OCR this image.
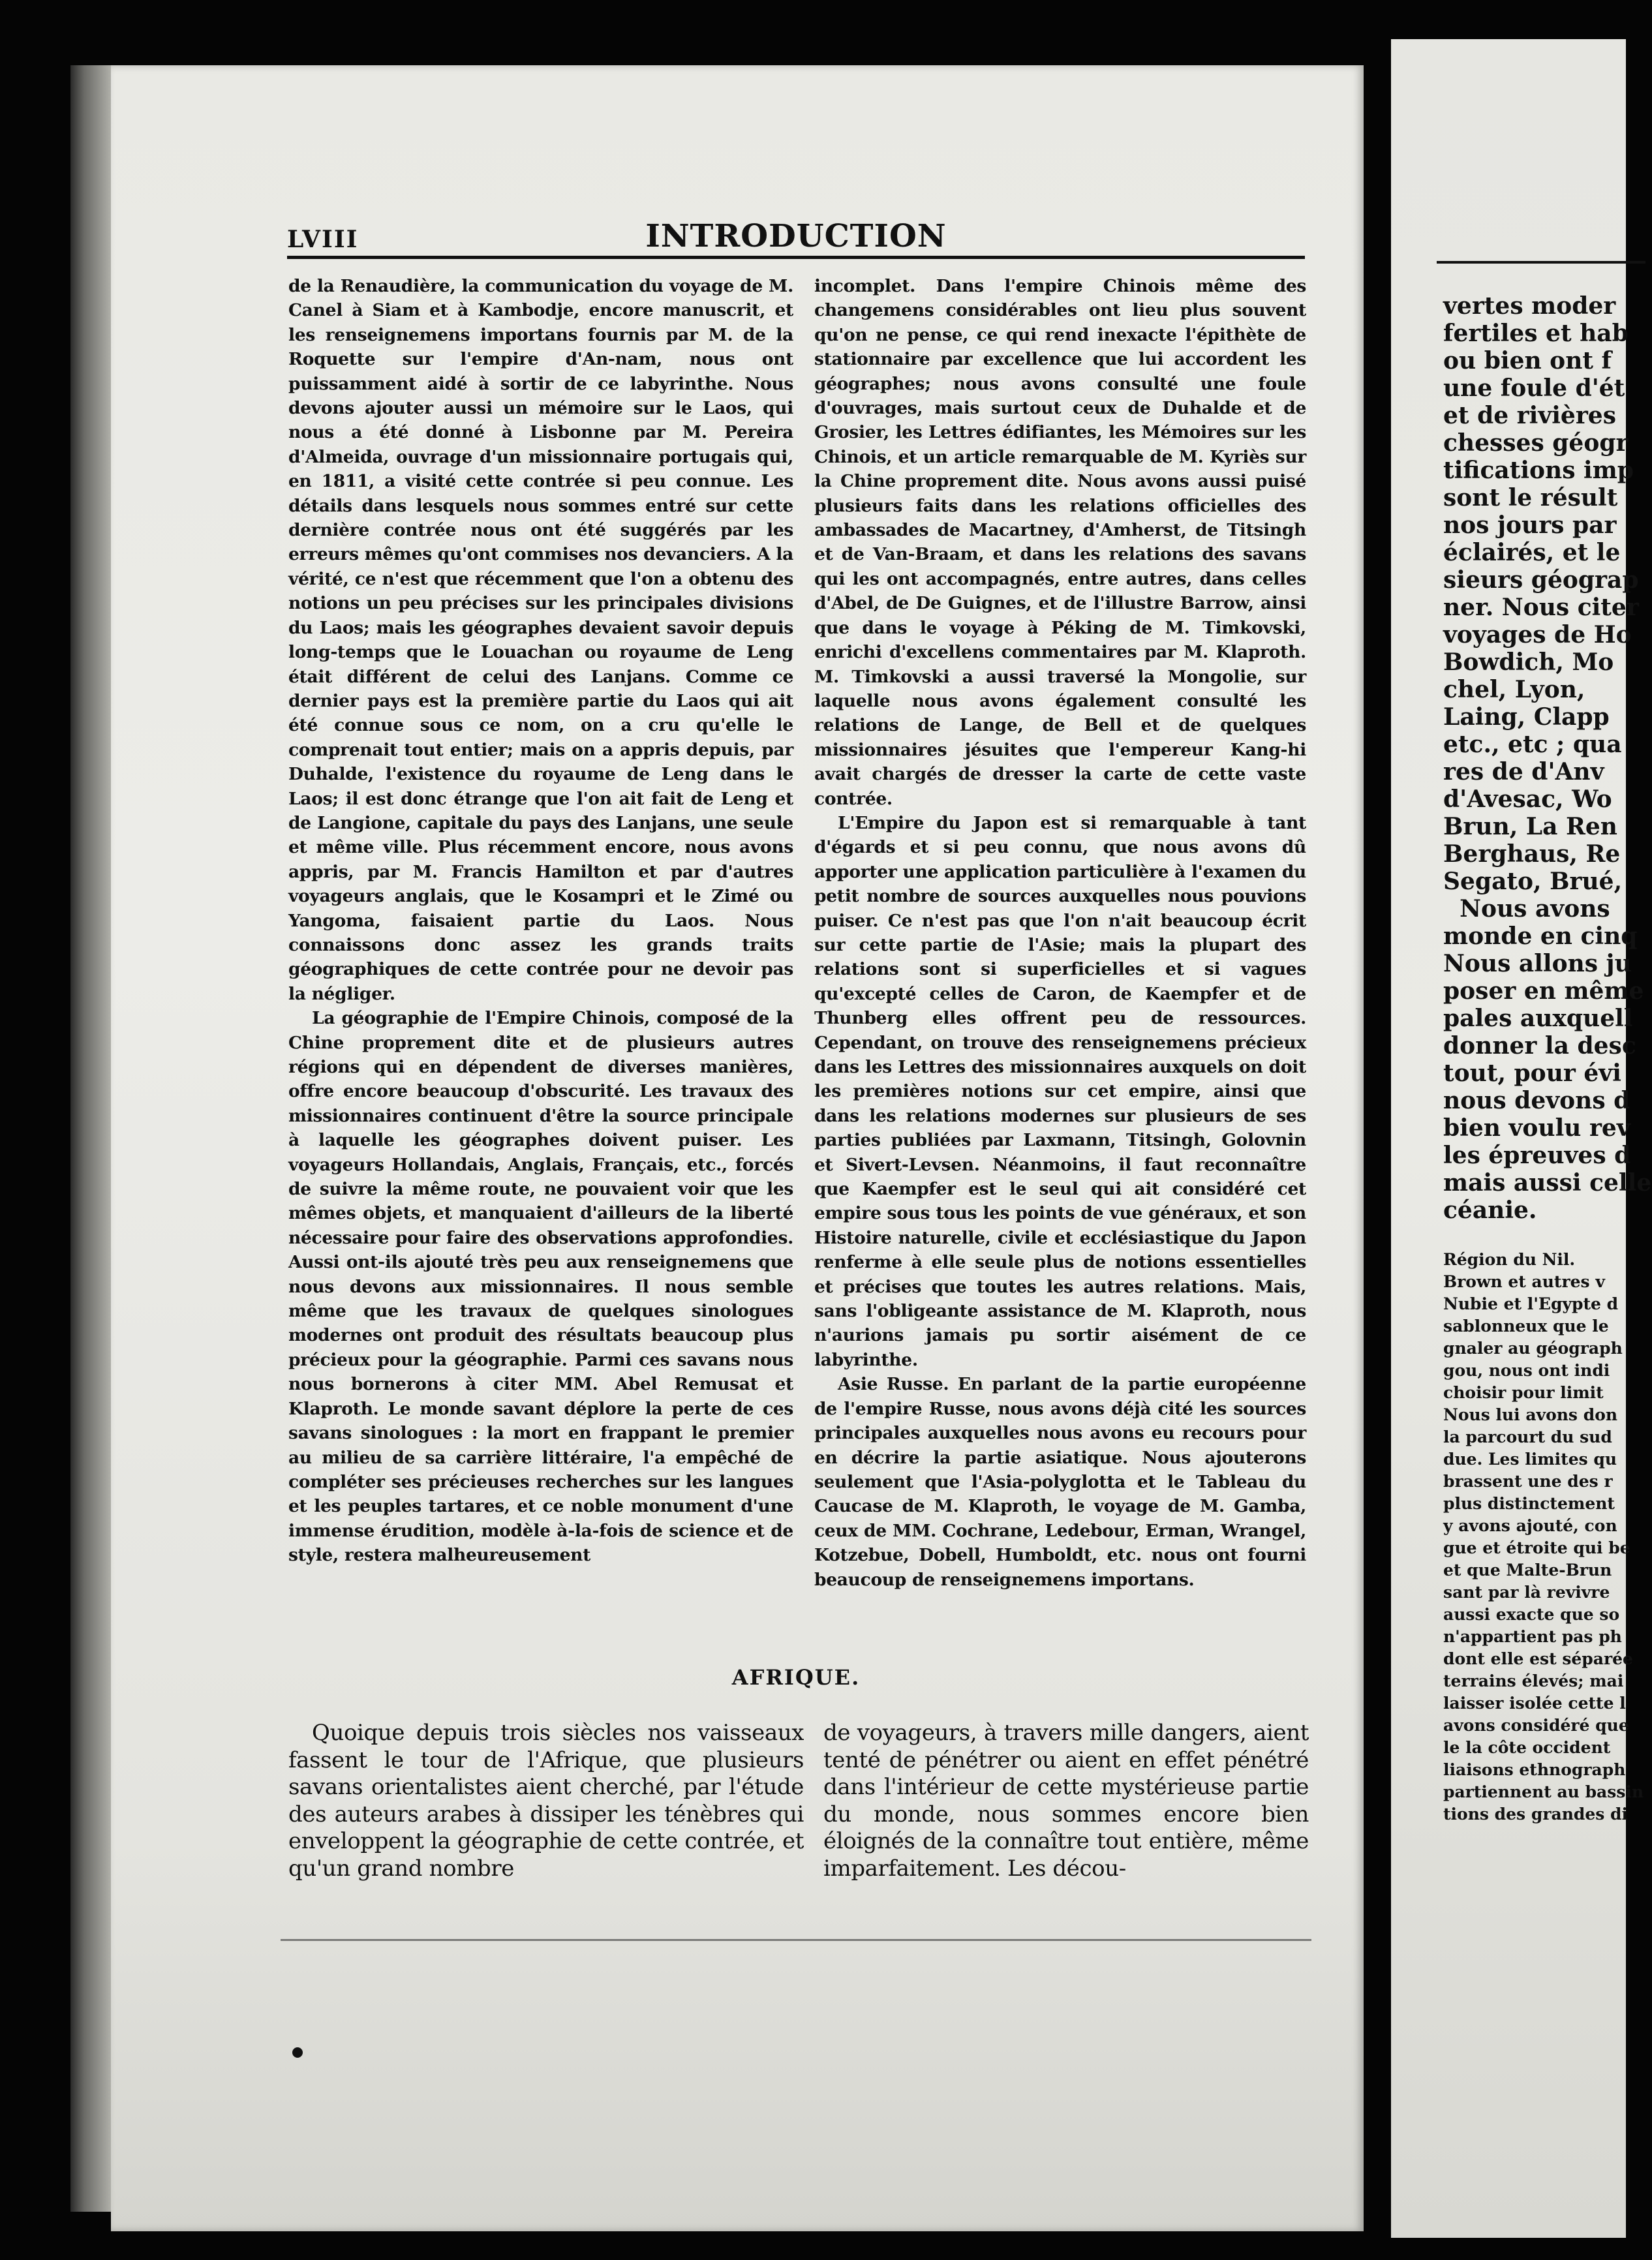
LVIII	INTRODUCTION

de la Renaudière, la communication du voyage de M. Canel à Siam et à Kambodje, encore manuscrit, et les renseignemens importans fournis par M. de la Roquette sur l'empire d'An-nam, nous ont puissamment aidé à sortir de ce labyrinthe. Nous devons ajouter aussi un mémoire sur le Laos, qui nous a été donné à Lisbonne par M. Pereira d'Almeida, ouvrage d'un missionnaire portugais qui, en 1811, a visité cette contrée si peu connue. Les détails dans lesquels nous sommes entré sur cette dernière contrée nous ont été suggérés par les erreurs mêmes qu'ont commises nos devanciers. A la vérité, ce n'est que récemment que l'on a obtenu des notions un peu précises sur les principales divisions du Laos; mais les géographes devaient savoir depuis long-temps que le Louachan ou royaume de Leng était différent de celui des Lanjans. Comme ce dernier pays est la première partie du Laos qui ait été connue sous ce nom, on a cru qu'elle le comprenait tout entier; mais on a appris depuis, par Duhalde, l'existence du royaume de Leng dans le Laos; il est donc étrange que l'on ait fait de Leng et de Langione, capitale du pays des Lanjans, une seule et même ville. Plus récemment encore, nous avons appris, par M. Francis Hamilton et par d'autres voyageurs anglais, que le Kosampri et le Zimé ou Yangoma, faisaient partie du Laos. Nous connaissons donc assez les grands traits géographiques de cette contrée pour ne devoir pas la négliger.

La géographie de l'Empire Chinois, composé de la Chine proprement dite et de plusieurs autres régions qui en dépendent de diverses manières, offre encore beaucoup d'obscurité. Les travaux des missionnaires continuent d'être la source principale à laquelle les géographes doivent puiser. Les voyageurs Hollandais, Anglais, Français, etc., forcés de suivre la même route, ne pouvaient voir que les mêmes objets, et manquaient d'ailleurs de la liberté nécessaire pour faire des observations approfondies. Aussi ont-ils ajouté très peu aux renseignemens que nous devons aux missionnaires. Il nous semble même que les travaux de quelques sinologues modernes ont produit des résultats beaucoup plus précieux pour la géographie. Parmi ces savans nous nous bornerons à citer MM. Abel Remusat et Klaproth. Le monde savant déplore la perte de ces savans sinologues : la mort en frappant le premier au milieu de sa carrière littéraire, l'a empêché de compléter ses précieuses recherches sur les langues et les peuples tartares, et ce noble monument d'une immense érudition, modèle à-la-fois de science et de style, restera malheureusement

incomplet. Dans l'empire Chinois même des changemens considérables ont lieu plus souvent qu'on ne pense, ce qui rend inexacte l'épithète de stationnaire par excellence que lui accordent les géographes; nous avons consulté une foule d'ouvrages, mais surtout ceux de Duhalde et de Grosier, les Lettres édifiantes, les Mémoires sur les Chinois, et un article remarquable de M. Kyriès sur la Chine proprement dite. Nous avons aussi puisé plusieurs faits dans les relations officielles des ambassades de Macartney, d'Amherst, de Titsingh et de Van-Braam, et dans les relations des savans qui les ont accompagnés, entre autres, dans celles d'Abel, de De Guignes, et de l'illustre Barrow, ainsi que dans le voyage à Péking de M. Timkovski, enrichi d'excellens commentaires par M. Klaproth. M. Timkovski a aussi traversé la Mongolie, sur laquelle nous avons également consulté les relations de Lange, de Bell et de quelques missionnaires jésuites que l'empereur Kang-hi avait chargés de dresser la carte de cette vaste contrée.

L'Empire du Japon est si remarquable à tant d'égards et si peu connu, que nous avons dû apporter une application particulière à l'examen du petit nombre de sources auxquelles nous pouvions puiser. Ce n'est pas que l'on n'ait beaucoup écrit sur cette partie de l'Asie; mais la plupart des relations sont si superficielles et si vagues qu'excepté celles de Caron, de Kaempfer et de Thunberg elles offrent peu de ressources. Cependant, on trouve des renseignemens précieux dans les Lettres des missionnaires auxquels on doit les premières notions sur cet empire, ainsi que dans les relations modernes sur plusieurs de ses parties publiées par Laxmann, Titsingh, Golovnin et Sivert-Levsen. Néanmoins, il faut reconnaître que Kaempfer est le seul qui ait considéré cet empire sous tous les points de vue généraux, et son Histoire naturelle, civile et ecclésiastique du Japon renferme à elle seule plus de notions essentielles et précises que toutes les autres relations. Mais, sans l'obligeante assistance de M. Klaproth, nous n'aurions jamais pu sortir aisément de ce labyrinthe.

Asie Russe. En parlant de la partie européenne de l'empire Russe, nous avons déjà cité les sources principales auxquelles nous avons eu recours pour en décrire la partie asiatique. Nous ajouterons seulement que l'Asia-polyglotta et le Tableau du Caucase de M. Klaproth, le voyage de M. Gamba, ceux de MM. Cochrane, Ledebour, Erman, Wrangel, Kotzebue, Dobell, Humboldt, etc. nous ont fourni beaucoup de renseignemens importans.

AFRIQUE.

Quoique depuis trois siècles nos vaisseaux fassent le tour de l'Afrique, que plusieurs savans orientalistes aient cherché, par l'étude des auteurs arabes à dissiper les ténèbres qui enveloppent la géographie de cette contrée, et qu'un grand nombre

de voyageurs, à travers mille dangers, aient tenté de pénétrer ou aient en effet pénétré dans l'intérieur de cette mystérieuse partie du monde, nous sommes encore bien éloignés de la connaître tout entière, même imparfaitement. Les décou-

vertes moder
fertiles et hab
ou bien ont f
une foule d'ét
et de rivières
chesses géogr
tifications imp
sont le résult
nos jours par
éclairés, et le
sieurs géograp
ner. Nous citer
voyages de Ho
Bowdich, Mo
chel, Lyon,
Laing, Clapp
etc., etc ; qua
res de d'Anv
d'Avesac, Wo
Brun, La Ren
Berghaus, Re
Segato, Brué,
Nous avons
monde en cinq
Nous allons ju
poser en même
pales auxquell
donner la desc
tout, pour évi
nous devons d
bien voulu rev
les épreuves d
mais aussi celle
céanie.

Région du Nil.
Brown et autres v
Nubie et l'Egypte d
sablonneux que le
gnaler au géograph
gou, nous ont indi
choisir pour limit
Nous lui avons don
la parcourt du sud
due. Les limites qu
brassent une des r
plus distinctement
y avons ajouté, con
gue et étroite qui be
et que Malte-Brun
sant par là revivre
aussi exacte que so
n'appartient pas ph
dont elle est séparée
terrains élevés; mai
laisser isolée cette l
avons considéré que
le la côte occident
liaisons ethnograph
partiennent au bassin
tions des grandes di
